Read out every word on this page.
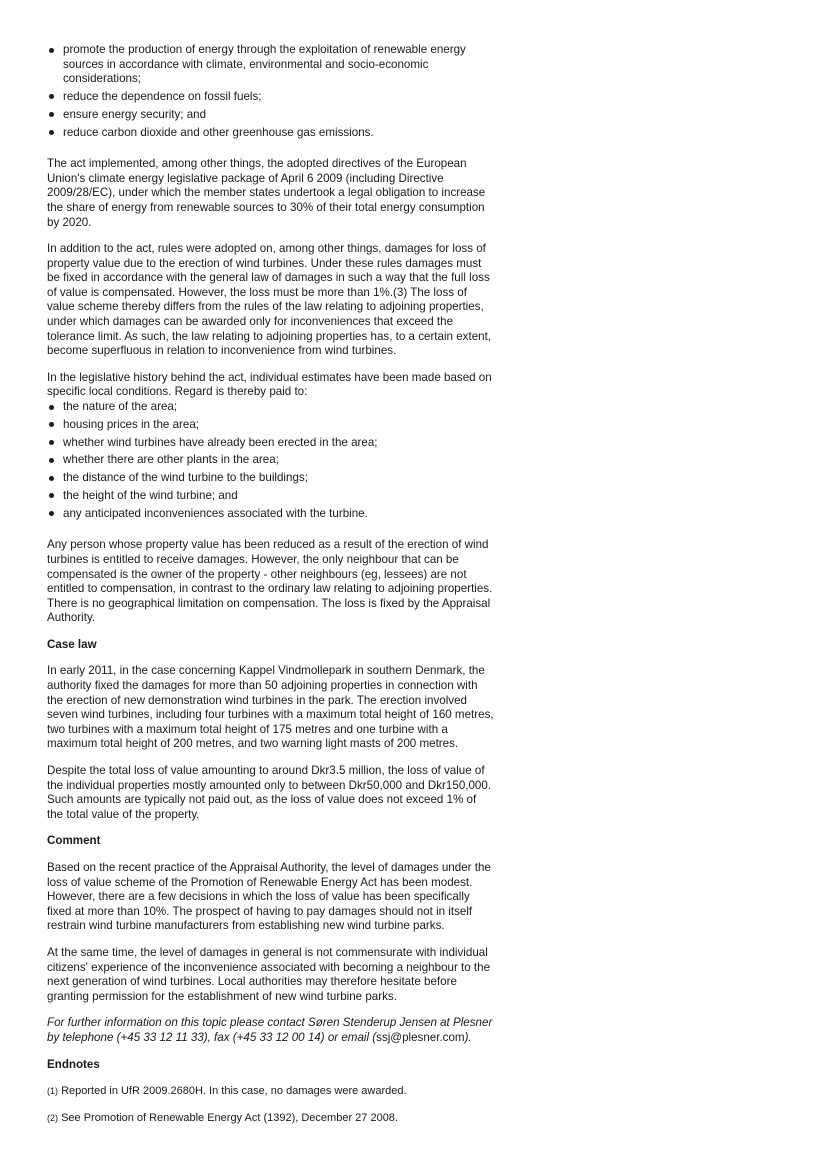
promote the production of energy through the exploitation of renewable energy sources in accordance with climate, environmental and socio-economic considerations;
reduce the dependence on fossil fuels;
ensure energy security; and
reduce carbon dioxide and other greenhouse gas emissions.

The act implemented, among other things, the adopted directives of the European Union's climate energy legislative package of April 6 2009 (including Directive 2009/28/EC), under which the member states undertook a legal obligation to increase the share of energy from renewable sources to 30% of their total energy consumption by 2020.

In addition to the act, rules were adopted on, among other things, damages for loss of property value due to the erection of wind turbines. Under these rules damages must be fixed in accordance with the general law of damages in such a way that the full loss of value is compensated. However, the loss must be more than 1%.(3) The loss of value scheme thereby differs from the rules of the law relating to adjoining properties, under which damages can be awarded only for inconveniences that exceed the tolerance limit. As such, the law relating to adjoining properties has, to a certain extent, become superfluous in relation to inconvenience from wind turbines.

In the legislative history behind the act, individual estimates have been made based on specific local conditions. Regard is thereby paid to:

the nature of the area;
housing prices in the area;
whether wind turbines have already been erected in the area;
whether there are other plants in the area;
the distance of the wind turbine to the buildings;
the height of the wind turbine; and
any anticipated inconveniences associated with the turbine.

Any person whose property value has been reduced as a result of the erection of wind turbines is entitled to receive damages. However, the only neighbour that can be compensated is the owner of the property - other neighbours (eg, lessees) are not entitled to compensation, in contrast to the ordinary law relating to adjoining properties. There is no geographical limitation on compensation. The loss is fixed by the Appraisal Authority.

Case law

In early 2011, in the case concerning Kappel Vindmollepark in southern Denmark, the authority fixed the damages for more than 50 adjoining properties in connection with the erection of new demonstration wind turbines in the park. The erection involved seven wind turbines, including four turbines with a maximum total height of 160 metres, two turbines with a maximum total height of 175 metres and one turbine with a maximum total height of 200 metres, and two warning light masts of 200 metres.

Despite the total loss of value amounting to around Dkr3.5 million, the loss of value of the individual properties mostly amounted only to between Dkr50,000 and Dkr150,000. Such amounts are typically not paid out, as the loss of value does not exceed 1% of the total value of the property.

Comment

Based on the recent practice of the Appraisal Authority, the level of damages under the loss of value scheme of the Promotion of Renewable Energy Act has been modest. However, there are a few decisions in which the loss of value has been specifically fixed at more than 10%. The prospect of having to pay damages should not in itself restrain wind turbine manufacturers from establishing new wind turbine parks.

At the same time, the level of damages in general is not commensurate with individual citizens' experience of the inconvenience associated with becoming a neighbour to the next generation of wind turbines. Local authorities may therefore hesitate before granting permission for the establishment of new wind turbine parks.

For further information on this topic please contact Søren Stenderup Jensen at Plesner by telephone (+45 33 12 11 33), fax (+45 33 12 00 14) or email (ssj@plesner.com).

Endnotes

(1) Reported in UfR 2009.2680H. In this case, no damages were awarded.

(2) See Promotion of Renewable Energy Act (1392), December 27 2008.
